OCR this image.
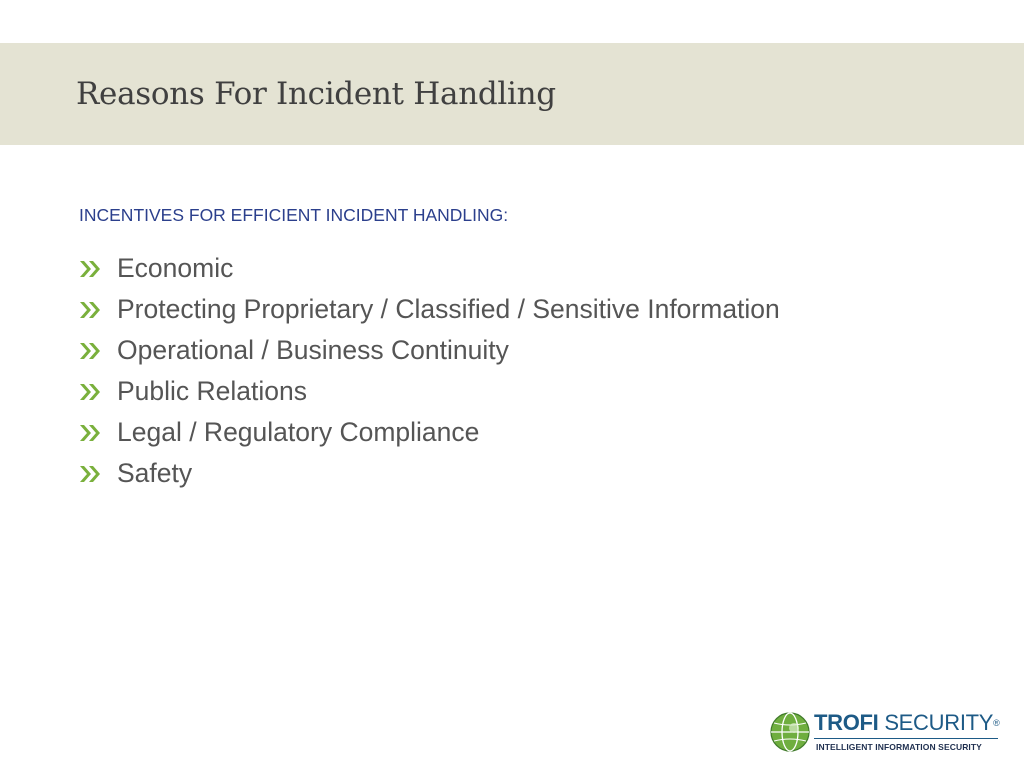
Reasons For Incident Handling
INCENTIVES FOR EFFICIENT INCIDENT HANDLING:
Economic
Protecting Proprietary / Classified / Sensitive Information
Operational / Business Continuity
Public Relations
Legal / Regulatory Compliance
Safety
TROFI SECURITY®
INTELLIGENT INFORMATION SECURITY
